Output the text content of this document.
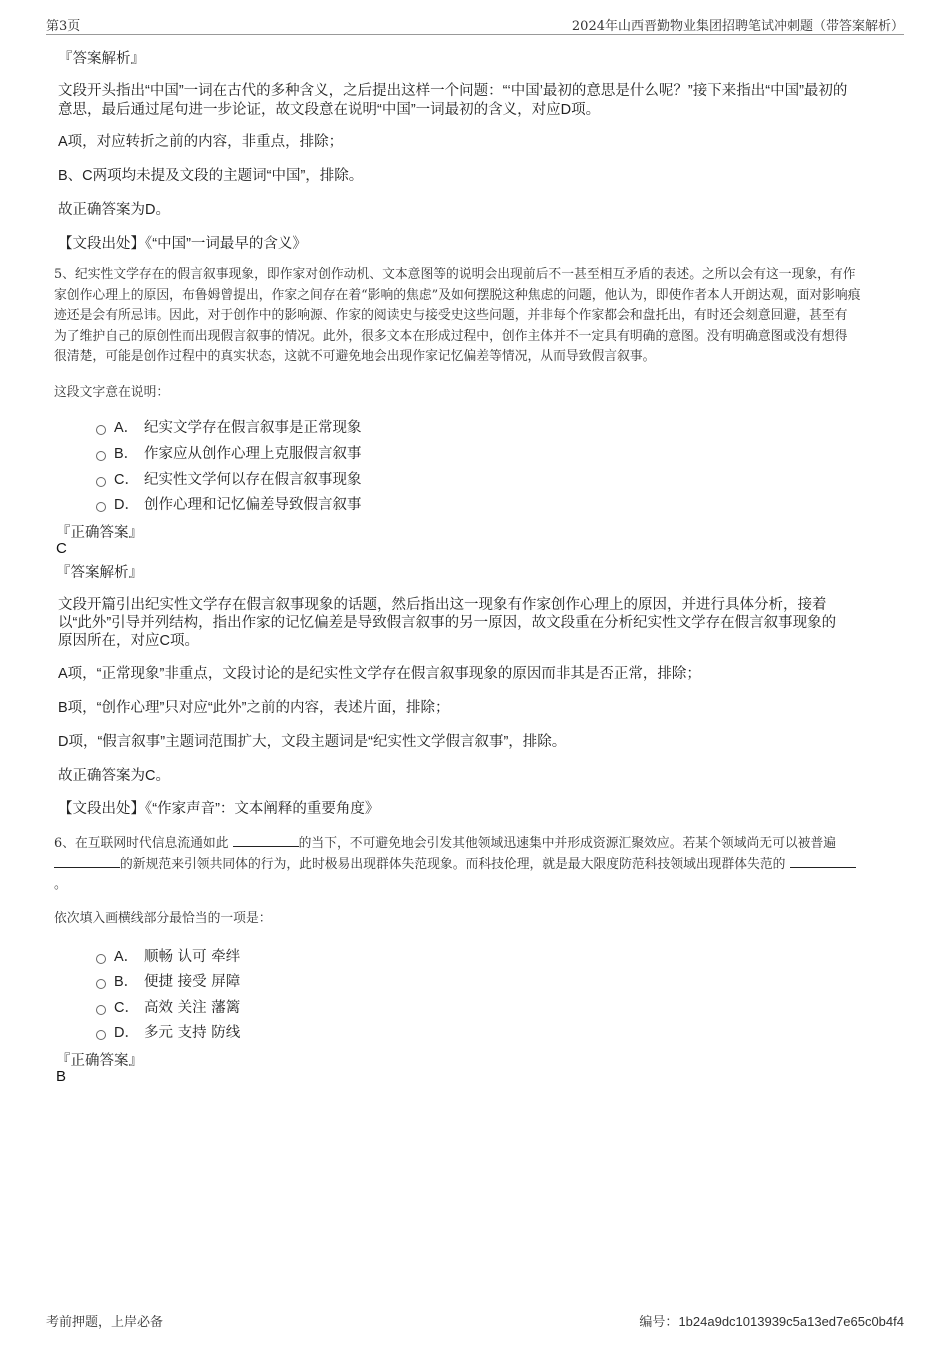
第3页	2024年山西晋勤物业集团招聘笔试冲刺题（带答案解析）
『答案解析』
文段开头指出“中国”一词在古代的多种含义，之后提出这样一个问题：“‘中国’最初的意思是什么呢？”接下来指出“中国”最初的
意思，最后通过尾句进一步论证，故文段意在说明“中国”一词最初的含义，对应D项。
A项，对应转折之前的内容，非重点，排除；
B、C两项均未提及文段的主题词“中国”，排除。
故正确答案为D。
【文段出处】《“中国”一词最早的含义》
5、纪实性文学存在的假言叙事现象，即作家对创作动机、文本意图等的说明会出现前后不一甚至相互矛盾的表述。之所以会有这一现象，有作
家创作心理上的原因，布鲁姆曾提出，作家之间存在着“影响的焦虑”及如何摆脱这种焦虑的问题，他认为，即使作者本人开朗达观，面对影响痕
迹还是会有所忌讳。因此，对于创作中的影响源、作家的阅读史与接受史这些问题，并非每个作家都会和盘托出，有时还会刻意回避，甚至有
为了维护自己的原创性而出现假言叙事的情况。此外，很多文本在形成过程中，创作主体并不一定具有明确的意图。没有明确意图或没有想得
很清楚，可能是创作过程中的真实状态，这就不可避免地会出现作家记忆偏差等情况，从而导致假言叙事。
这段文字意在说明：
A． 纪实文学存在假言叙事是正常现象
B． 作家应从创作心理上克服假言叙事
C． 纪实性文学何以存在假言叙事现象
D． 创作心理和记忆偏差导致假言叙事
『正确答案』
C
『答案解析』
文段开篇引出纪实性文学存在假言叙事现象的话题，然后指出这一现象有作家创作心理上的原因，并进行具体分析，接着
以“此外”引导并列结构，指出作家的记忆偏差是导致假言叙事的另一原因，故文段重在分析纪实性文学存在假言叙事现象的
原因所在，对应C项。
A项，“正常现象”非重点，文段讨论的是纪实性文学存在假言叙事现象的原因而非其是否正常，排除；
B项，“创作心理”只对应“此外”之前的内容，表述片面，排除；
D项，“假言叙事”主题词范围扩大，文段主题词是“纪实性文学假言叙事”，排除。
故正确答案为C。
【文段出处】《“作家声音”：文本阐释的重要角度》
6、在互联网时代信息流通如此	的当下，不可避免地会引发其他领域迅速集中并形成资源汇聚效应。若某个领域尚无可以被普遍
的新规范来引领共同体的行为，此时极易出现群体失范现象。而科技伦理，就是最大限度防范科技领域出现群体失范的
。
依次填入画横线部分最恰当的一项是：
A． 顺畅 认可 牵绊
B． 便捷 接受 屏障
C． 高效 关注 藩篱
D． 多元 支持 防线
『正确答案』
B
考前押题，上岸必备	编号：1b24a9dc1013939c5a13ed7e65c0b4f4
